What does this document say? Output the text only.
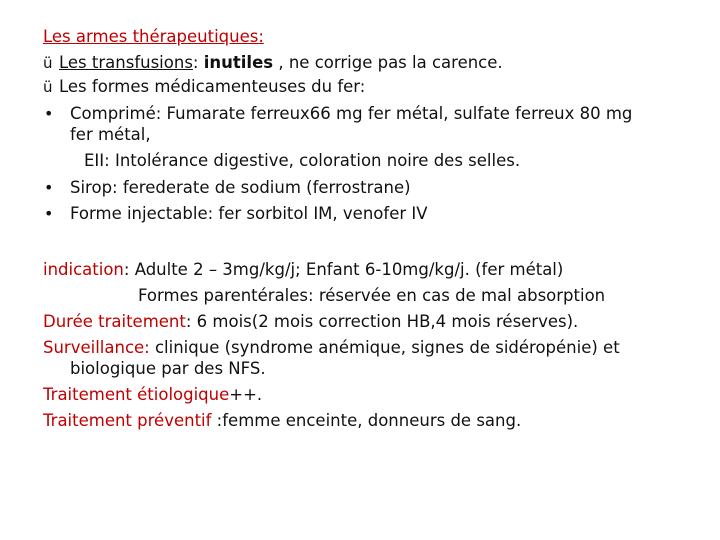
Les armes thérapeutiques:
ü Les transfusions: inutiles , ne corrige pas la carence.
ü Les formes médicamenteuses du fer:
• Comprimé: Fumarate ferreux66 mg fer métal, sulfate ferreux 80 mg
fer métal,
EII: Intolérance digestive, coloration noire des selles.
• Sirop: ferederate de sodium (ferrostrane)
• Forme injectable: fer sorbitol IM, venofer IV
indication: Adulte 2 – 3mg/kg/j; Enfant 6-10mg/kg/j. (fer métal)
Formes parentérales: réservée en cas de mal absorption
Durée traitement: 6 mois(2 mois correction HB,4 mois réserves).
Surveillance: clinique (syndrome anémique, signes de sidéropénie) et
biologique par des NFS.
Traitement étiologique++.
Traitement préventif :femme enceinte, donneurs de sang.
